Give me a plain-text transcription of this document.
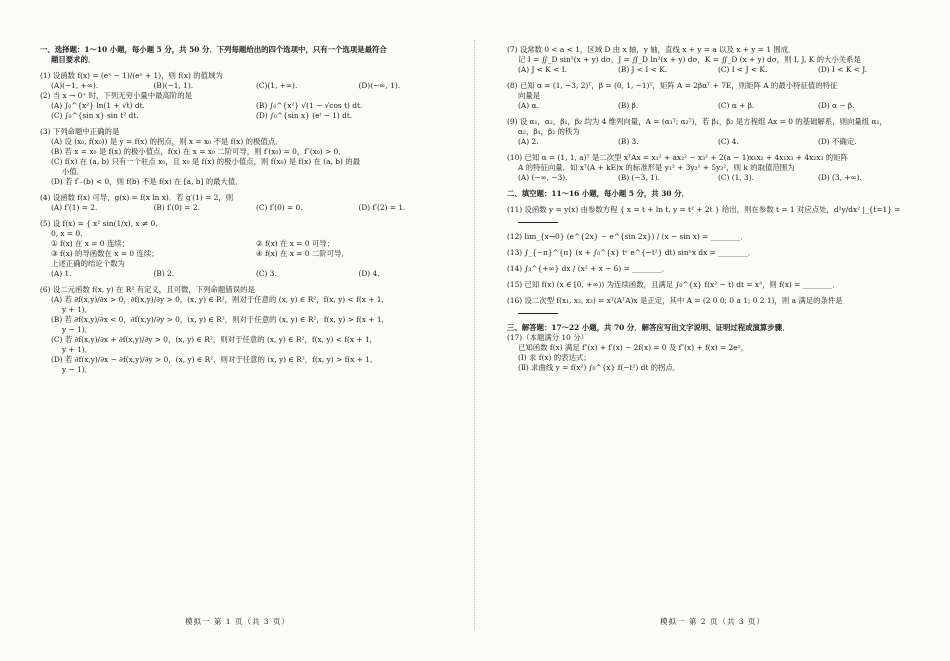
一、选择题：1～10 小题，每小题 5 分，共 50 分．下列每题给出的四个选项中，只有一个选项是最符合
题目要求的．
(1) 设函数 f(x) = (eˣ − 1)/(eˣ + 1)，则 f(x) 的值域为
(A)(−1, +∞).	(B)(−1, 1).	(C)(1, +∞).	(D)(−∞, 1).
(2) 当 x → 0⁺ 时，下列无穷小量中最高阶的是
(A) ∫₀^{x²} ln(1 + √t) dt.	(B) ∫₀^{x²} √(1 − √cos t) dt.
(C) ∫₀^{sin x} sin t² dt.	(D) ∫₀^{sin x} (eᵗ − 1) dt.
(3) 下列命题中正确的是
(A) 设 (x₀, f(x₀)) 是 y = f(x) 的拐点，则 x = x₀ 不是 f(x) 的极值点．
(B) 若 x = x₀ 是 f(x) 的极小值点，f(x) 在 x = x₀ 二阶可导，则 f′(x₀) = 0，f″(x₀) > 0．
(C) f(x) 在 (a, b) 只有一个驻点 x₀，且 x₀ 是 f(x) 的极小值点，则 f(x₀) 是 f(x) 在 (a, b) 的最
小值．
(D) 若 f′₋(b) < 0，则 f(b) 不是 f(x) 在 [a, b] 的最大值．
(4) 设函数 f(x) 可导，g(x) = f(x ln x)．若 g′(1) = 2，则
(A) f′(1) = 2.	(B) f′(0) = 2.	(C) f′(0) = 0.	(D) f′(2) = 1.
(5) 设 f(x) = { x² sin(1/x), x ≠ 0,
0, x = 0.
① f(x) 在 x = 0 连续；	② f(x) 在 x = 0 可导；
③ f(x) 的导函数在 x = 0 连续；	④ f(x) 在 x = 0 二阶可导．
上述正确的结论个数为
(A) 1.	(B) 2.	(C) 3.	(D) 4.
(6) 设二元函数 f(x, y) 在 R² 有定义，且可微，下列命题错误的是
(A) 若 ∂f(x,y)/∂x > 0，∂f(x,y)/∂y > 0，(x, y) ∈ R²，则对于任意的 (x, y) ∈ R²，f(x, y) < f(x + 1,
y + 1)．
(B) 若 ∂f(x,y)/∂x < 0，∂f(x,y)/∂y > 0，(x, y) ∈ R²，则对于任意的 (x, y) ∈ R²，f(x, y) > f(x + 1,
y − 1)．
(C) 若 ∂f(x,y)/∂x + ∂f(x,y)/∂y > 0，(x, y) ∈ R²，则对于任意的 (x, y) ∈ R²，f(x, y) < f(x + 1,
y + 1)．
(D) 若 ∂f(x,y)/∂x − ∂f(x,y)/∂y > 0，(x, y) ∈ R²，则对于任意的 (x, y) ∈ R²，f(x, y) > f(x + 1,
y − 1)．
(7) 设常数 0 < a < 1，区域 D 由 x 轴，y 轴，直线 x + y = a 以及 x + y = 1 围成．
记 I = ∬_D sin²(x + y) dσ，J = ∬_D ln²(x + y) dσ，K = ∬_D (x + y) dσ，则 I, J, K 的大小关系是
(A) J < K < I.	(B) J < I < K.	(C) I < J < K.	(D) I < K < J.
(8) 已知 α = (1, −3, 2)ᵀ，β = (0, 1, −1)ᵀ，矩阵 A = 2βαᵀ + 7E，则矩阵 A 的最小特征值的特征
向量是
(A) α.	(B) β.	(C) α + β.	(D) α − β.
(9) 设 α₁，α₂，β₁，β₂ 均为 4 维列向量，A = (α₁ᵀ; α₂ᵀ)，若 β₁，β₂ 是方程组 Ax = 0 的基础解系，则向量组 α₁，
α₂，β₁，β₂ 的秩为
(A) 2.	(B) 3.	(C) 4.	(D) 不确定.
(10) 已知 α = (1, 1, a)ᵀ 是二次型 xᵀAx = x₁² + ax₂² − x₃² + 2(a − 1)x₁x₂ + 4x₁x₃ + 4x₂x₃ 的矩阵
A 的特征向量．如 xᵀ(A + kE)x 的标准形是 y₁² + 3y₂² + 5y₃²，则 k 的取值范围为
(A) (−∞, −3).	(B) (−3, 1).	(C) (1, 3).	(D) (3, +∞).
二、填空题：11～16 小题，每小题 5 分，共 30 分．
(11) 设函数 y = y(x) 由参数方程 { x = t + ln t, y = t² + 2t } 给出，则在参数 t = 1 对应点处，d²y/dx² |_{t=1} =
(12) lim_{x→0} (e^{2x} − e^{sin 2x}) / (x − sin x) = ________．
(13) ∫_{−π}^{π} (x + ∫₀^{x} tᵉ e^{−t²} dt) sinⁿx dx = ________．
(14) ∫₃^{+∞} dx / (x² + x − 6) = ________．
(15) 已知 f(x) (x ∈ [0, +∞)) 为连续函数，且满足 ∫₀^{x} f(x² − t) dt = x³，则 f(x) = ________．
(16) 设二次型 f(x₁, x₂, x₃) = xᵀ(AᵀA)x 是正定，其中 A = (2 0 0; 0 a 1; 0 2 1)，则 a 满足的条件是
三、解答题：17～22 小题，共 70 分．解答应写出文字说明、证明过程或演算步骤．
(17)（本题满分 10 分）
已知函数 f(x) 满足 f″(x) + f′(x) − 2f(x) = 0 及 f″(x) + f(x) = 2eˣ，
(Ⅰ) 求 f(x) 的表达式；
(Ⅱ) 求曲线 y = f(x²) ∫₀^{x} f(−t²) dt 的拐点．
模拟一 第 1 页（共 3 页）	模拟一 第 2 页（共 3 页）
